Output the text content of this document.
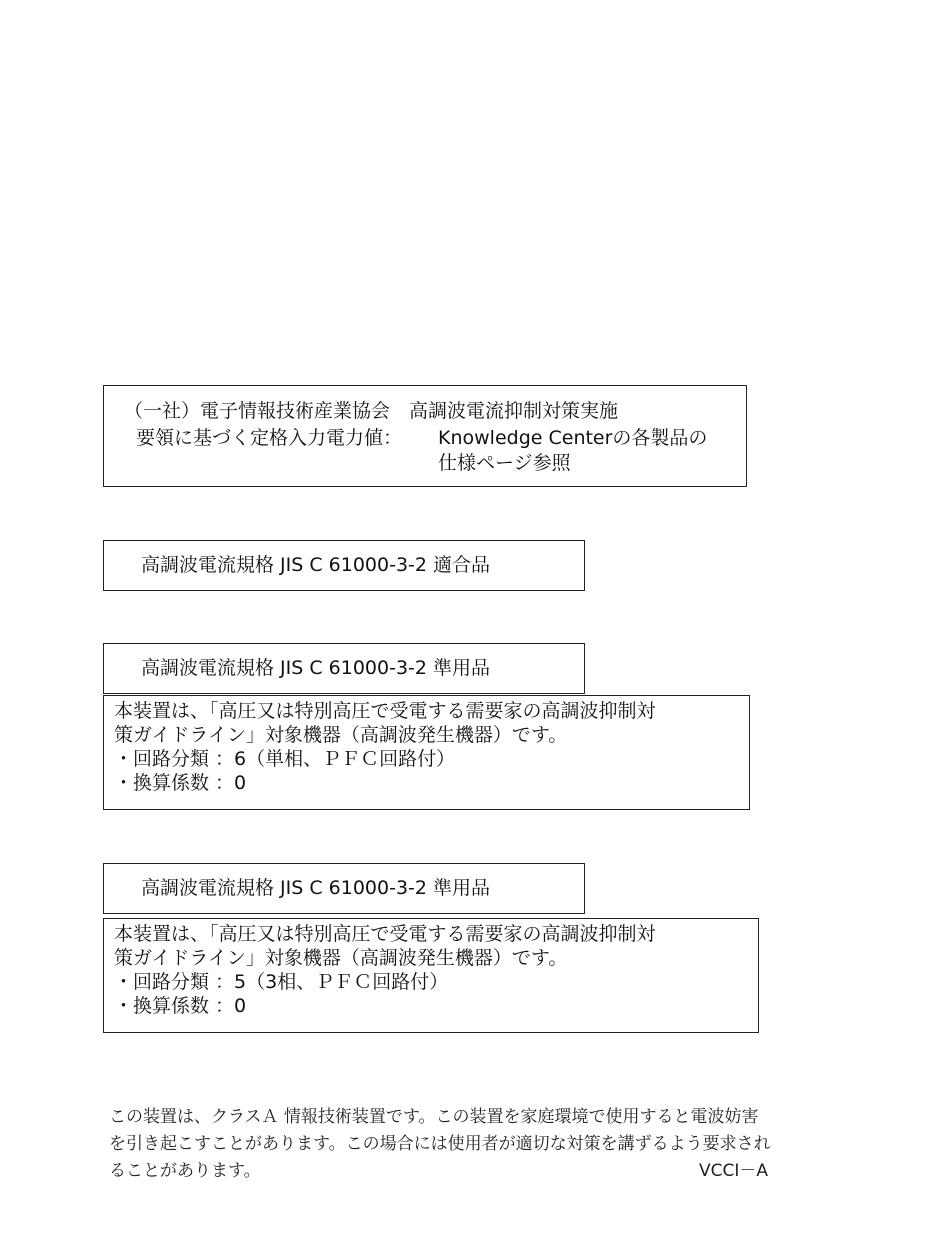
（一社）電子情報技術産業協会　高調波電流抑制対策実施
要領に基づく定格入力電力値： Knowledge Centerの各製品の
仕様ページ参照
高調波電流規格 JIS C 61000-3-2 適合品
高調波電流規格 JIS C 61000-3-2 準用品
本装置は、「高圧又は特別高圧で受電する需要家の高調波抑制対
策ガイドライン」対象機器（高調波発生機器）です。
・回路分類 ：6（単相、ＰＦＣ回路付）
・換算係数 ：0
高調波電流規格 JIS C 61000-3-2 準用品
本装置は、「高圧又は特別高圧で受電する需要家の高調波抑制対
策ガイドライン」対象機器（高調波発生機器）です。
・回路分類 ：5（3相、ＰＦＣ回路付）
・換算係数 ：0
この装置は、クラスＡ 情報技術装置です。この装置を家庭環境で使用すると電波妨害
を引き起こすことがあります。この場合には使用者が適切な対策を講ずるよう要求され
ることがあります。	VCCI－A
